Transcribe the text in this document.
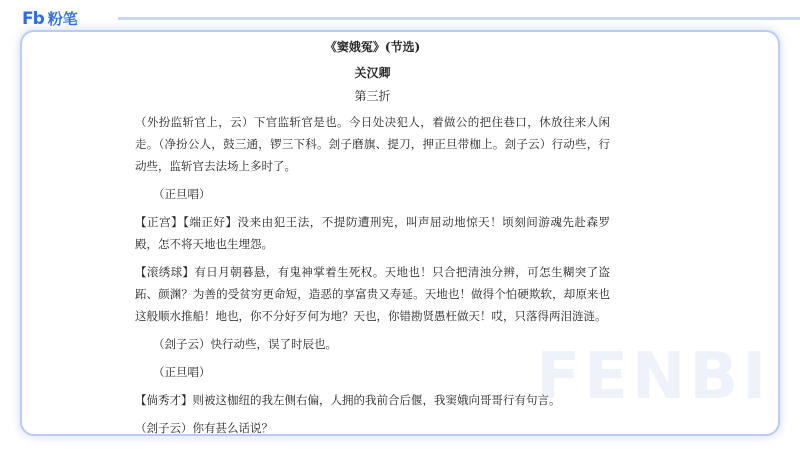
Fb 粉笔
FENBI
《窦娥冤》(节选)
关汉卿
第三折

（外扮监斩官上，云）下官监斩官是也。今日处决犯人，着做公的把住巷口，休放往来人闲走。（净扮公人，鼓三通，锣三下科。刽子磨旗、提刀，押正旦带枷上。刽子云）行动些，行动些，监斩官去法场上多时了。

（正旦唱）

【正宫】【端正好】没来由犯王法，不提防遭刑宪，叫声屈动地惊天！顷刻间游魂先赴森罗殿，怎不将天地也生埋怨。

【滚绣球】有日月朝暮悬，有鬼神掌着生死权。天地也！只合把清浊分辨，可怎生糊突了盗跖、颜渊？为善的受贫穷更命短，造恶的享富贵又寿延。天地也！做得个怕硬欺软，却原来也这般顺水推船！地也，你不分好歹何为地？天也，你错勘贤愚枉做天！哎，只落得两泪涟涟。

（刽子云）快行动些，误了时辰也。

（正旦唱）

【倘秀才】则被这枷纽的我左侧右偏，人拥的我前合后偃，我窦娥向哥哥行有句言。

（刽子云）你有甚么话说？
